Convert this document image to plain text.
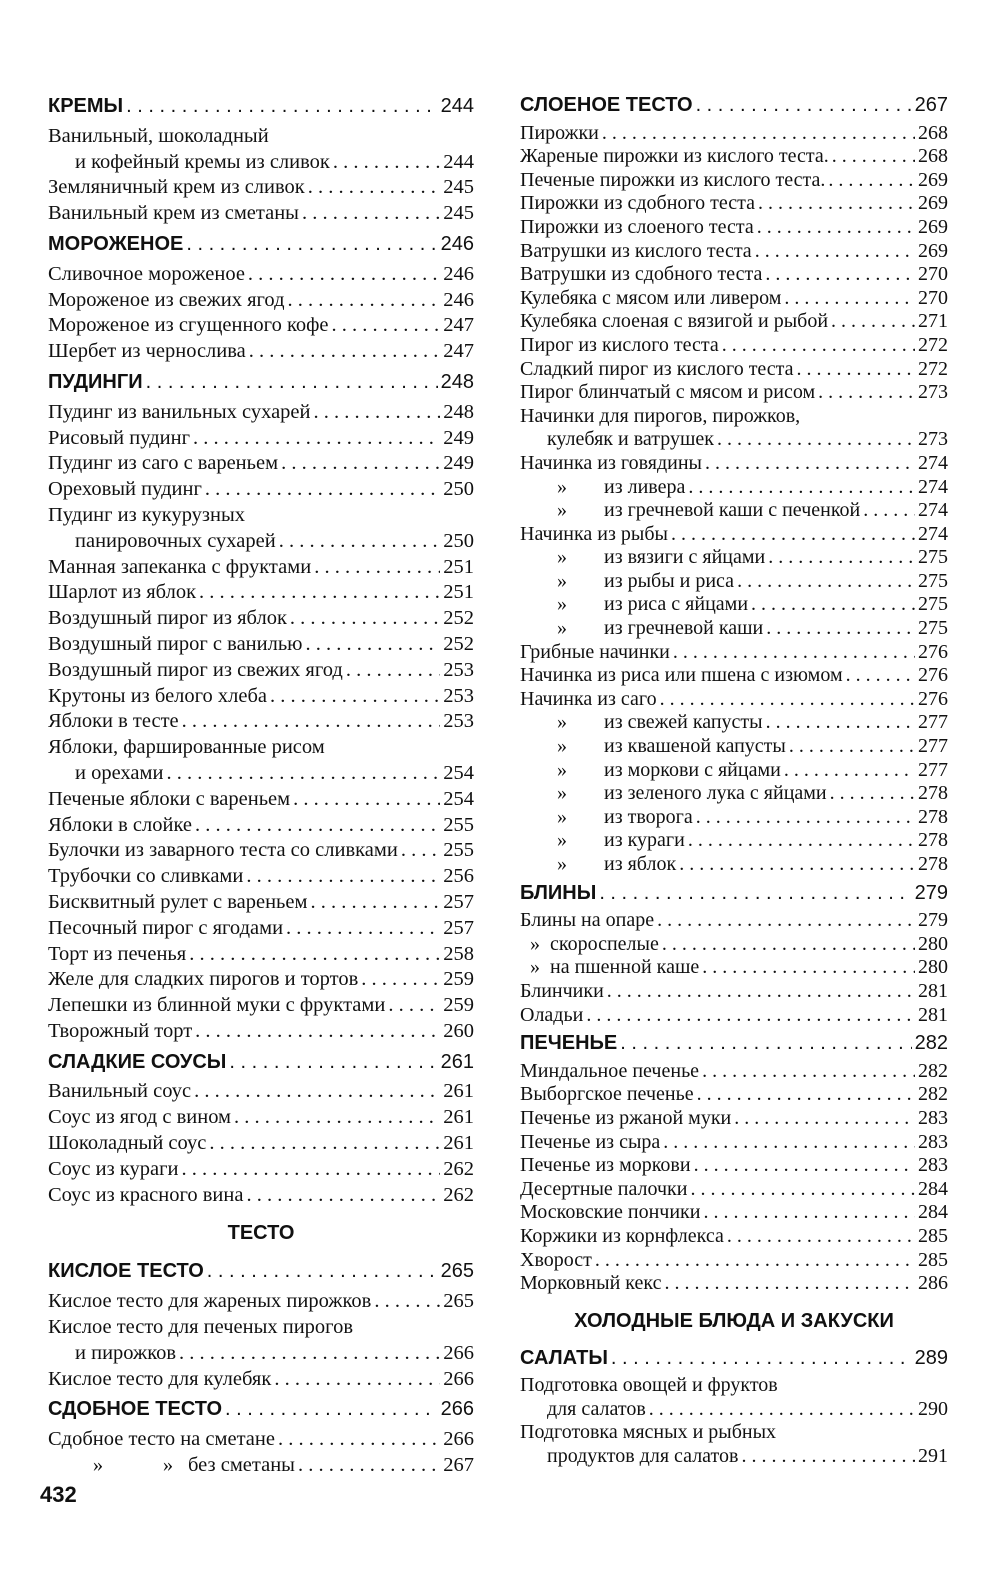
КРЕМЫ . . .	244
Ванильный, шоколадный
и кофейный кремы из сливок . . .	244
Земляничный крем из сливок . . .	245
Ванильный крем из сметаны . . .	245
МОРОЖЕНОЕ . . .	246
Сливочное мороженое . . .	246
Мороженое из свежих ягод . . .	246
Мороженое из сгущенного кофе . . .	247
Шербет из чернослива . . .	247
ПУДИНГИ . . .	248
Пудинг из ванильных сухарей . . .	248
Рисовый пудинг . . .	249
Пудинг из саго с вареньем . . .	249
Ореховый пудинг . . .	250
Пудинг из кукурузных
панировочных сухарей . . .	250
Манная запеканка с фруктами . . .	251
Шарлот из яблок . . .	251
Воздушный пирог из яблок . . .	252
Воздушный пирог с ванилью . . .	252
Воздушный пирог из свежих ягод . . .	253
Крутоны из белого хлеба . . .	253
Яблоки в тесте . . .	253
Яблоки, фаршированные рисом
и орехами . . .	254
Печеные яблоки с вареньем . . .	254
Яблоки в слойке . . .	255
Булочки из заварного теста со сливками . . . 255
Трубочки со сливками . . .	256
Бисквитный рулет с вареньем . . .	257
Песочный пирог с ягодами . . .	257
Торт из печенья . . .	258
Желе для сладких пирогов и тортов . . .	259
Лепешки из блинной муки с фруктами . . .	259
Творожный торт . . .	260
СЛАДКИЕ СОУСЫ . . .	261
Ванильный соус . . .	261
Соус из ягод с вином . . .	261
Шоколадный соус . . .	261
Соус из кураги . . .	262
Соус из красного вина . . .	262
ТЕСТО
КИСЛОЕ ТЕСТО . . .	265
Кислое тесто для жареных пирожков . . .	265
Кислое тесто для печеных пирогов
и пирожков . . .	266
Кислое тесто для кулебяк . . .	266
СДОБНОЕ ТЕСТО . . .	266
Сдобное тесто на сметане . . .	266
»	» без сметаны . . .	267
СЛОЕНОЕ ТЕСТО . . .	267
Пирожки . . .	268
Жареные пирожки из кислого теста. . . .	268
Печеные пирожки из кислого теста. . . .	269
Пирожки из сдобного теста . . .	269
Пирожки из слоеного теста . . .	269
Ватрушки из кислого теста . . .	269
Ватрушки из сдобного теста . . .	270
Кулебяка с мясом или ливером . . .	270
Кулебяка слоеная с вязигой и рыбой . . .	271
Пирог из кислого теста . . .	272
Сладкий пирог из кислого теста . . .	272
Пирог блинчатый с мясом и рисом . . .	273
Начинки для пирогов, пирожков,
кулебяк и ватрушек . . .	273
Начинка из говядины . . .	274
»	из ливера . . .	274
»	из гречневой каши с печенкой . . .	274
Начинка из рыбы . . .	274
»	из вязиги с яйцами . . .	275
»	из рыбы и риса . . .	275
»	из риса с яйцами . . .	275
»	из гречневой каши . . .	275
Грибные начинки . . .	276
Начинка из риса или пшена с изюмом . . .	276
Начинка из саго . . .	276
»	из свежей капусты . . .	277
»	из квашеной капусты . . .	277
»	из моркови с яйцами . . .	277
»	из зеленого лука с яйцами . . .	278
»	из творога . . .	278
»	из кураги . . .	278
»	из яблок . . .	278
БЛИНЫ . . .	279
Блины на опаре . . .	279
» скороспелые . . .	280
» на пшенной каше . . .	280
Блинчики . . .	281
Оладьи . . .	281
ПЕЧЕНЬЕ . . .	282
Миндальное печенье . . .	282
Выборгское печенье . . .	282
Печенье из ржаной муки . . .	283
Печенье из сыра . . .	283
Печенье из моркови . . .	283
Десертные палочки . . .	284
Московские пончики . . .	284
Коржики из корнфлекса . . .	285
Хворост . . .	285
Морковный кекс . . .	286
ХОЛОДНЫЕ БЛЮДА И ЗАКУСКИ
САЛАТЫ . . .	289
Подготовка овощей и фруктов
для салатов . . .	290
Подготовка мясных и рыбных
продуктов для салатов . . .	291
432
